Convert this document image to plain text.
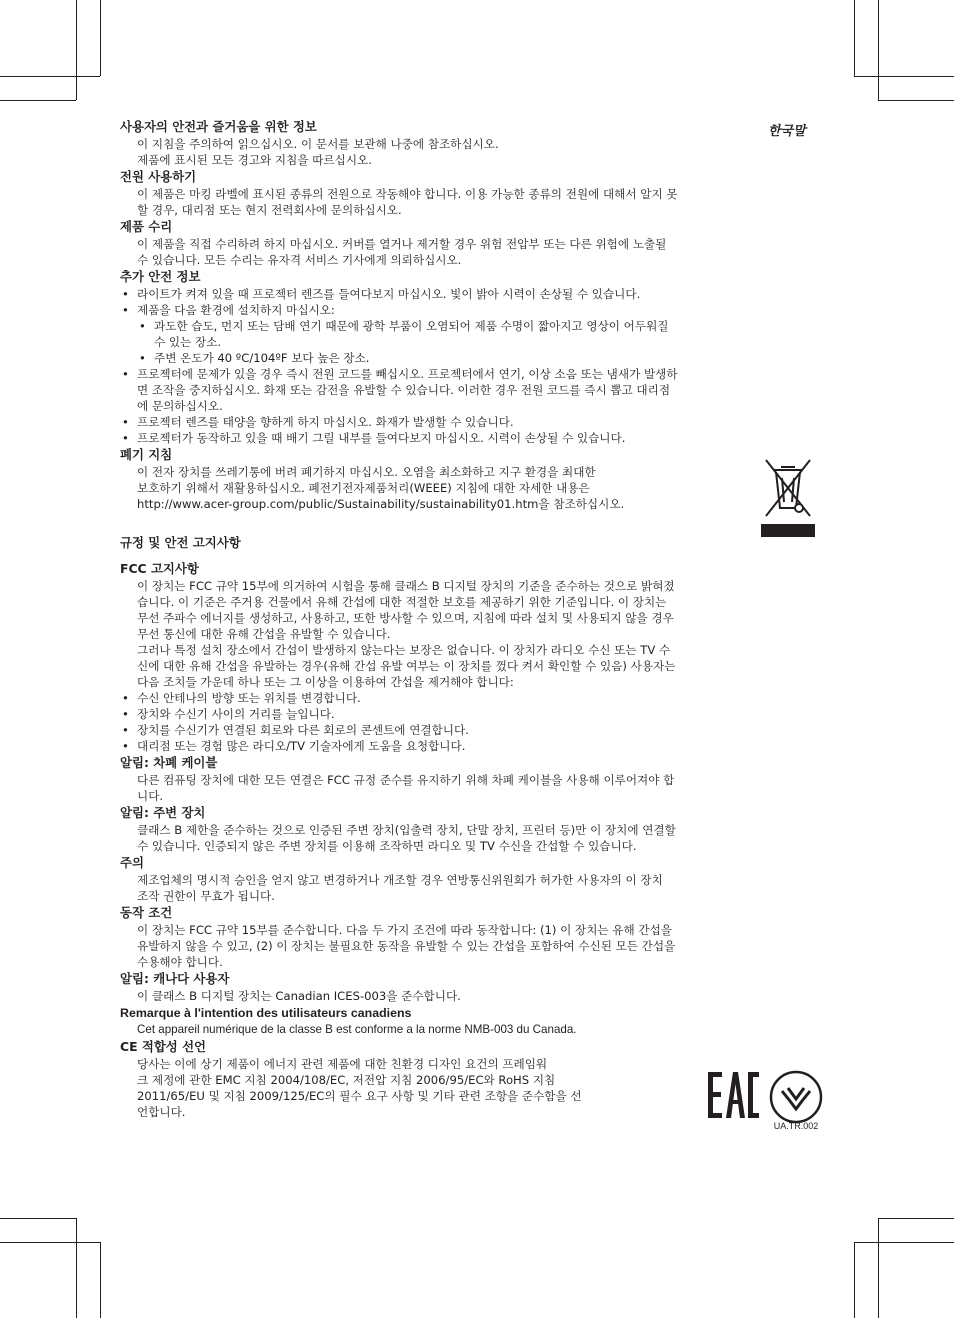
한국말
사용자의 안전과 즐거움을 위한 정보
이 지침을 주의하여 읽으십시오. 이 문서를 보관해 나중에 참조하십시오.
제품에 표시된 모든 경고와 지침을 따르십시오.
전원 사용하기
이 제품은 마킹 라벨에 표시된 종류의 전원으로 작동해야 합니다. 이용 가능한 종류의 전원에 대해서 알지 못
할 경우, 대리점 또는 현지 전력회사에 문의하십시오.
제품 수리
이 제품을 직접 수리하려 하지 마십시오. 커버를 열거나 제거할 경우 위험 전압부 또는 다른 위험에 노출될
수 있습니다. 모든 수리는 유자격 서비스 기사에게 의뢰하십시오.
추가 안전 정보
• 라이트가 켜져 있을 때 프로젝터 렌즈를 들여다보지 마십시오. 빛이 밝아 시력이 손상될 수 있습니다.
• 제품을 다음 환경에 설치하지 마십시오:
• 과도한 습도, 먼지 또는 담배 연기 때문에 광학 부품이 오염되어 제품 수명이 짧아지고 영상이 어두워질
수 있는 장소.
• 주변 온도가 40 ºC/104ºF 보다 높은 장소.
• 프로젝터에 문제가 있을 경우 즉시 전원 코드를 빼십시오. 프로젝터에서 연기, 이상 소음 또는 냄새가 발생하
면 조작을 중지하십시오. 화재 또는 감전을 유발할 수 있습니다. 이러한 경우 전원 코드를 즉시 뽑고 대리점
에 문의하십시오.
• 프로젝터 렌즈를 태양을 향하게 하지 마십시오. 화재가 발생할 수 있습니다.
• 프로젝터가 동작하고 있을 때 배기 그릴 내부를 들여다보지 마십시오. 시력이 손상될 수 있습니다.
폐기 지침
이 전자 장치를 쓰레기통에 버려 폐기하지 마십시오. 오염을 최소화하고 지구 환경을 최대한
보호하기 위해서 재활용하십시오. 폐전기전자제품처리(WEEE) 지침에 대한 자세한 내용은
http://www.acer-group.com/public/Sustainability/sustainability01.htm을 참조하십시오.
규정 및 안전 고지사항
FCC 고지사항
이 장치는 FCC 규약 15부에 의거하여 시험을 통해 클래스 B 디지털 장치의 기준을 준수하는 것으로 밝혀졌
습니다. 이 기준은 주거용 건물에서 유해 간섭에 대한 적절한 보호를 제공하기 위한 기준입니다. 이 장치는
무선 주파수 에너지를 생성하고, 사용하고, 또한 방사할 수 있으며, 지침에 따라 설치 및 사용되지 않을 경우
무선 통신에 대한 유해 간섭을 유발할 수 있습니다.
그러나 특정 설치 장소에서 간섭이 발생하지 않는다는 보장은 없습니다. 이 장치가 라디오 수신 또는 TV 수
신에 대한 유해 간섭을 유발하는 경우(유해 간섭 유발 여부는 이 장치를 껐다 켜서 확인할 수 있음) 사용자는
다음 조치들 가운데 하나 또는 그 이상을 이용하여 간섭을 제거해야 합니다:
• 수신 안테나의 방향 또는 위치를 변경합니다.
• 장치와 수신기 사이의 거리를 늘입니다.
• 장치를 수신기가 연결된 회로와 다른 회로의 콘센트에 연결합니다.
• 대리점 또는 경험 많은 라디오/TV 기술자에게 도움을 요청합니다.
알림: 차폐 케이블
다른 컴퓨팅 장치에 대한 모든 연결은 FCC 규정 준수를 유지하기 위해 차폐 케이블을 사용해 이루어져야 합
니다.
알림: 주변 장치
클래스 B 제한을 준수하는 것으로 인증된 주변 장치(입출력 장치, 단말 장치, 프린터 등)만 이 장치에 연결할
수 있습니다. 인증되지 않은 주변 장치를 이용해 조작하면 라디오 및 TV 수신을 간섭할 수 있습니다.
주의
제조업체의 명시적 승인을 얻지 않고 변경하거나 개조할 경우 연방통신위원회가 허가한 사용자의 이 장치
조작 권한이 무효가 됩니다.
동작 조건
이 장치는 FCC 규약 15부를 준수합니다. 다음 두 가지 조건에 따라 동작합니다: (1) 이 장치는 유해 간섭을
유발하지 않을 수 있고, (2) 이 장치는 불필요한 동작을 유발할 수 있는 간섭을 포함하여 수신된 모든 간섭을
수용해야 합니다.
알림: 캐나다 사용자
이 클래스 B 디지털 장치는 Canadian ICES-003을 준수합니다.
Remarque à l'intention des utilisateurs canadiens
Cet appareil numérique de la classe B est conforme a la norme NMB-003 du Canada.
CE 적합성 선언
당사는 이에 상기 제품이 에너지 관련 제품에 대한 친환경 디자인 요건의 프레임워
크 제정에 관한 EMC 지침 2004/108/EC, 저전압 지침 2006/95/EC와 RoHS 지침
2011/65/EU 및 지침 2009/125/EC의 필수 요구 사항 및 기타 관련 조항을 준수함을 선
언합니다.
UA.TR.002
